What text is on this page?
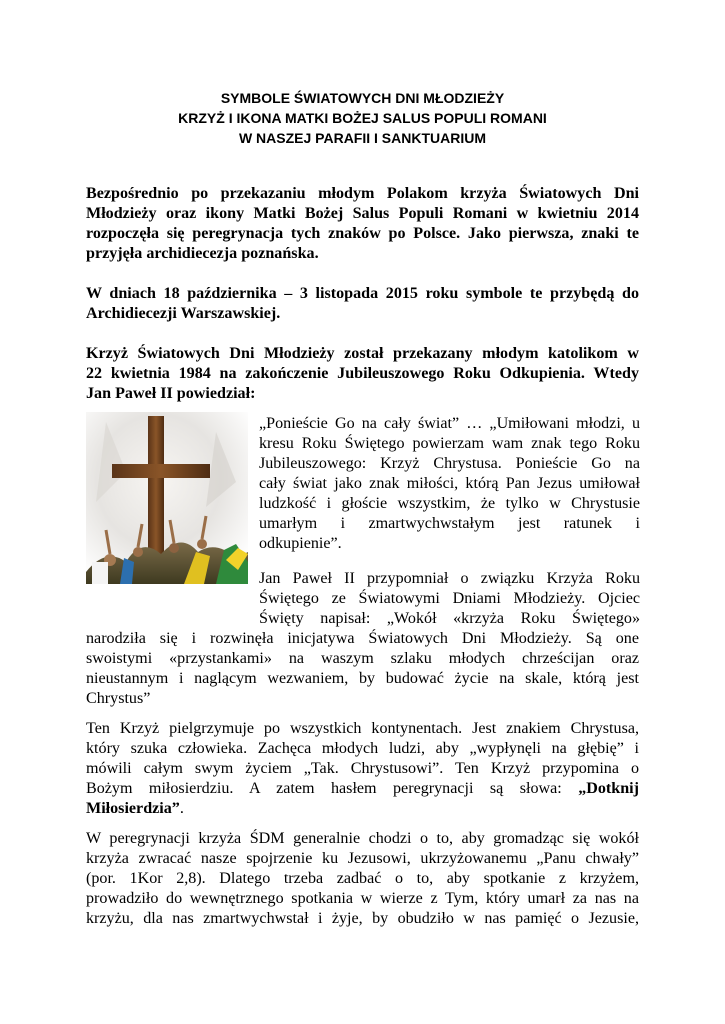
SYMBOLE ŚWIATOWYCH DNI MŁODZIEŻY
KRZYŻ I IKONA MATKI BOŻEJ SALUS POPULI ROMANI
W NASZEJ PARAFII I SANKTUARIUM
Bezpośrednio po przekazaniu młodym Polakom krzyża Światowych Dni
Młodzieży oraz ikony Matki Bożej Salus Populi Romani w kwietniu 2014
rozpoczęła się peregrynacja tych znaków po Polsce. Jako pierwsza, znaki te
przyjęła archidiecezja poznańska.
W dniach 18 października – 3 listopada 2015 roku symbole te przybędą do
Archidiecezji Warszawskiej.
Krzyż Światowych Dni Młodzieży został przekazany młodym katolikom w
22 kwietnia 1984 na zakończenie Jubileuszowego Roku Odkupienia. Wtedy
Jan Paweł II powiedział:
„Ponieście Go na cały świat” … „Umiłowani młodzi, u
kresu Roku Świętego powierzam wam znak tego Roku
Jubileuszowego: Krzyż Chrystusa. Ponieście Go na
cały świat jako znak miłości, którą Pan Jezus umiłował
ludzkość i głoście wszystkim, że tylko w Chrystusie
umarłym i zmartwychwstałym jest ratunek i
odkupienie”.
Jan Paweł II przypomniał o związku Krzyża Roku
Świętego ze Światowymi Dniami Młodzieży. Ojciec
Święty napisał: „Wokół «krzyża Roku Świętego»
narodziła się i rozwinęła inicjatywa Światowych Dni Młodzieży. Są one
swoistymi «przystankami» na waszym szlaku młodych chrześcijan oraz
nieustannym i naglącym wezwaniem, by budować życie na skale, którą jest
Chrystus”
Ten Krzyż pielgrzymuje po wszystkich kontynentach. Jest znakiem Chrystusa,
który szuka człowieka. Zachęca młodych ludzi, aby „wypłynęli na głębię” i
mówili całym swym życiem „Tak. Chrystusowi”. Ten Krzyż przypomina o
Bożym miłosierdziu. A zatem hasłem peregrynacji są słowa: „Dotknij
Miłosierdzia”.
W peregrynacji krzyża ŚDM generalnie chodzi o to, aby gromadząc się wokół
krzyża zwracać nasze spojrzenie ku Jezusowi, ukrzyżowanemu „Panu chwały”
(por. 1Kor 2,8). Dlatego trzeba zadbać o to, aby spotkanie z krzyżem,
prowadziło do wewnętrznego spotkania w wierze z Tym, który umarł za nas na
krzyżu, dla nas zmartwychwstał i żyje, by obudziło w nas pamięć o Jezusie,
